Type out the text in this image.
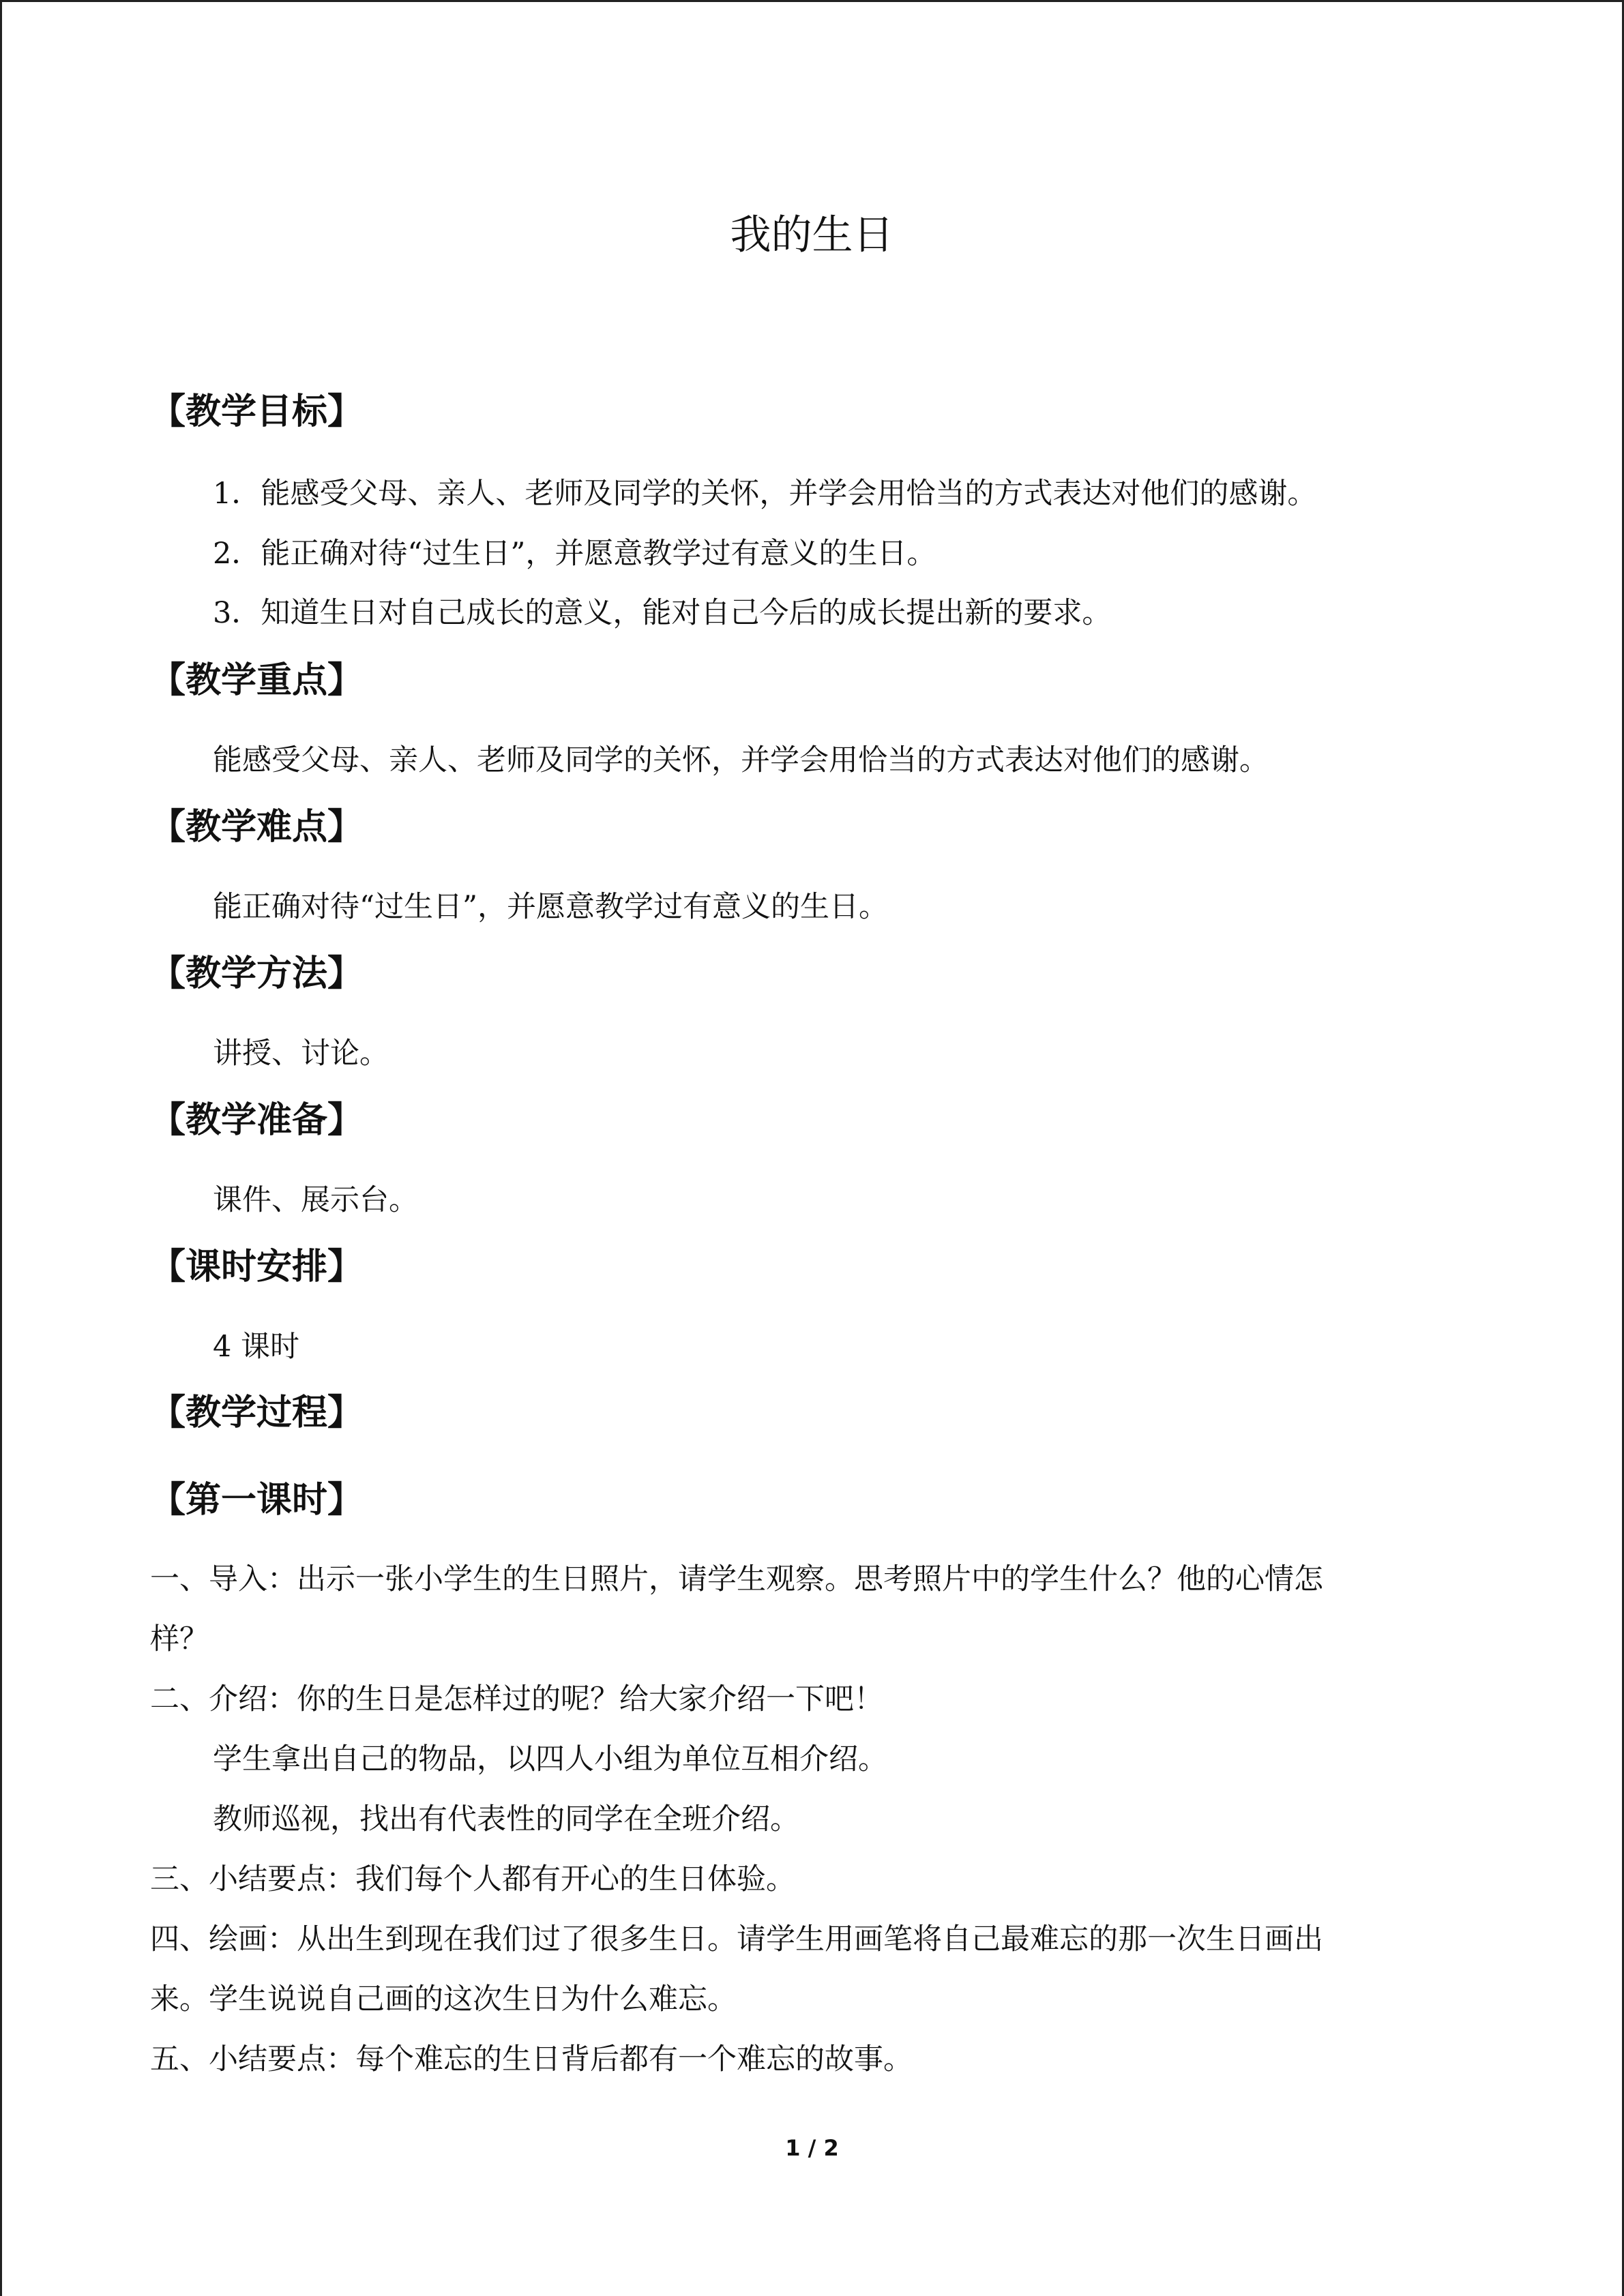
我的生日
【教学目标】
1．能感受父母、亲人、老师及同学的关怀，并学会用恰当的方式表达对他们的感谢。
2．能正确对待“过生日”，并愿意教学过有意义的生日。
3．知道生日对自己成长的意义，能对自己今后的成长提出新的要求。
【教学重点】
能感受父母、亲人、老师及同学的关怀，并学会用恰当的方式表达对他们的感谢。
【教学难点】
能正确对待“过生日”，并愿意教学过有意义的生日。
【教学方法】
讲授、讨论。
【教学准备】
课件、展示台。
【课时安排】
4 课时
【教学过程】
【第一课时】
一、导入：出示一张小学生的生日照片，请学生观察。思考照片中的学生什么？他的心情怎
样？
二、介绍：你的生日是怎样过的呢？给大家介绍一下吧！
学生拿出自己的物品，以四人小组为单位互相介绍。
教师巡视，找出有代表性的同学在全班介绍。
三、小结要点：我们每个人都有开心的生日体验。
四、绘画：从出生到现在我们过了很多生日。请学生用画笔将自己最难忘的那一次生日画出
来。学生说说自己画的这次生日为什么难忘。
五、小结要点：每个难忘的生日背后都有一个难忘的故事。
1 / 2
